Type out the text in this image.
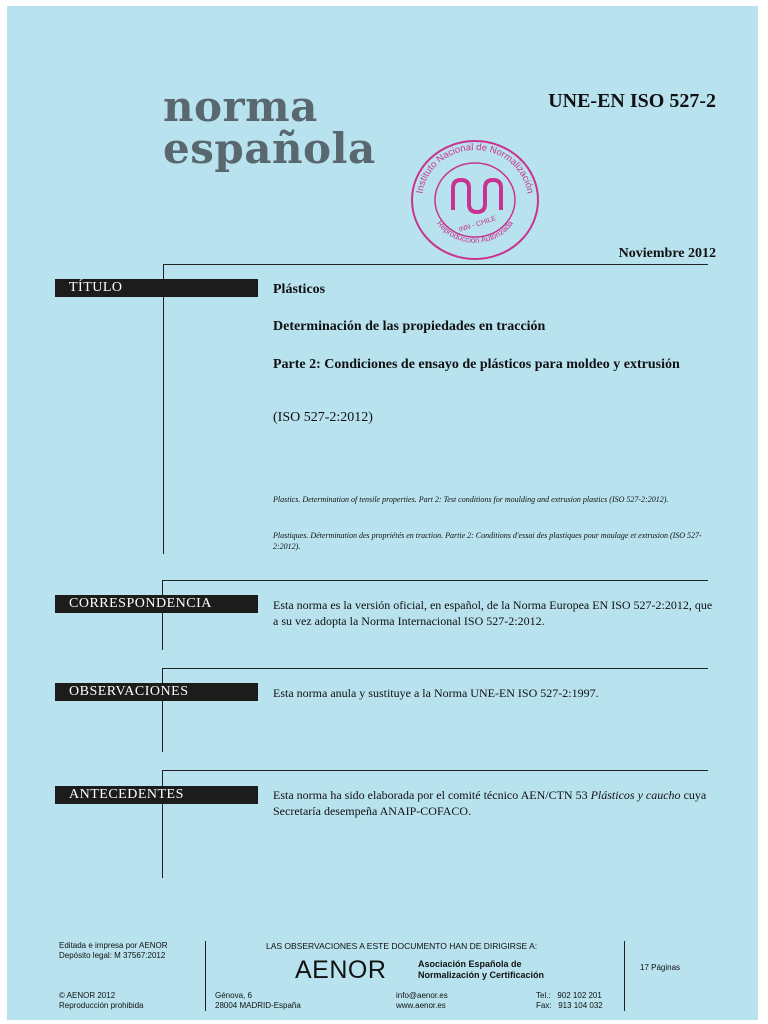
norma
española
UNE-EN ISO 527-2
Instituto Nacional de Normalización
Reproducción Autorizada
INN - CHILE
Noviembre 2012
TÍTULO	Plásticos
Determinación de las propiedades en tracción
Parte 2: Condiciones de ensayo de plásticos para moldeo y extrusión
(ISO 527-2:2012)
Plastics. Determination of tensile properties. Part 2: Test conditions for moulding and extrusion plastics (ISO 527-2:2012).
Plastiques. Détermination des propriétés en traction. Partie 2: Conditions d'essai des plastiques pour moulage et extrusion (ISO 527-2:2012).
CORRESPONDENCIA	Esta norma es la versión oficial, en español, de la Norma Europea EN ISO 527-2:2012, que a su vez adopta la Norma Internacional ISO 527-2:2012.
OBSERVACIONES	Esta norma anula y sustituye a la Norma UNE-EN ISO 527-2:1997.
ANTECEDENTES	Esta norma ha sido elaborada por el comité técnico AEN/CTN 53 Plásticos y caucho cuya Secretaría desempeña ANAIP-COFACO.
Editada e impresa por AENOR
Depósito legal: M 37567:2012
© AENOR 2012
Reproducción prohibida
LAS OBSERVACIONES A ESTE DOCUMENTO HAN DE DIRIGIRSE A:
AENOR	Asociación Española de
Normalización y Certificación
Génova, 6
28004 MADRID-España
info@aenor.es
www.aenor.es
Tel.: 902 102 201
Fax: 913 104 032
17 Páginas
